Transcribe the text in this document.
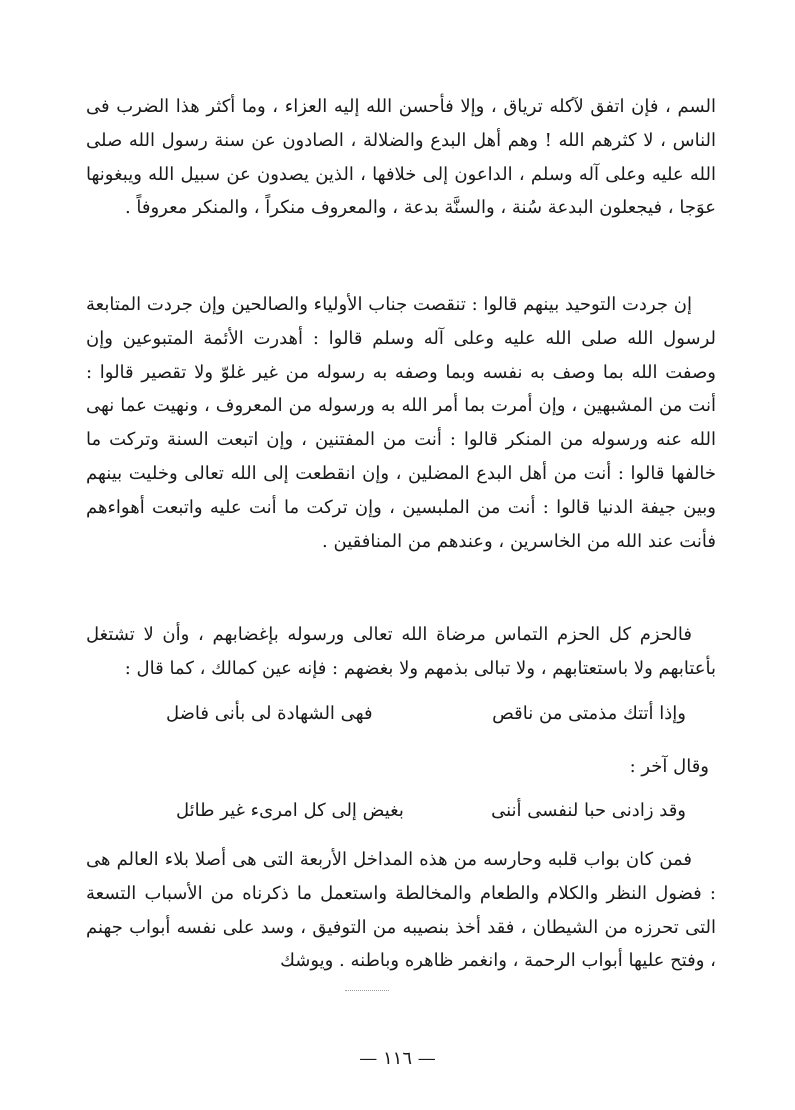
السم ، فإن اتفق لآكله ترياق ، وإلا فأحسن الله إليه العزاء ، وما أكثر هذا الضرب فى الناس ، لا كثرهم الله ! وهم أهل البدع والضلالة ، الصادون عن سنة رسول الله صلى الله عليه وعلى آله وسلم ، الداعون إلى خلافها ، الذين يصدون عن سبيل الله ويبغونها عوَجا ، فيجعلون البدعة سُنة ، والسنَّة بدعة ، والمعروف منكراً ، والمنكر معروفاً .

إن جردت التوحيد بينهم قالوا : تنقصت جناب الأولياء والصالحين وإن جردت المتابعة لرسول الله صلى الله عليه وعلى آله وسلم قالوا : أهدرت الأئمة المتبوعين وإن وصفت الله بما وصف به نفسه وبما وصفه به رسوله من غير غلوّ ولا تقصير قالوا : أنت من المشبهين ، وإن أمرت بما أمر الله به ورسوله من المعروف ، ونهيت عما نهى الله عنه ورسوله من المنكر قالوا : أنت من المفتنين ، وإن اتبعت السنة وتركت ما خالفها قالوا : أنت من أهل البدع المضلين ، وإن انقطعت إلى الله تعالى وخليت بينهم وبين جيفة الدنيا قالوا : أنت من الملبسين ، وإن تركت ما أنت عليه واتبعت أهواءهم فأنت عند الله من الخاسرين ، وعندهم من المنافقين .

فالحزم كل الحزم التماس مرضاة الله تعالى ورسوله بإغضابهم ، وأن لا تشتغل بأعتابهم ولا باستعتابهم ، ولا تبالى بذمهم ولا بغضهم : فإنه عين كمالك ، كما قال :

وإذا أتتك مذمتى من ناقص
فهى الشهادة لى بأنى فاضل
وقال آخر :
وقد زادنى حبا لنفسى أننى
بغيض إلى كل امرىء غير طائل

فمن كان بواب قلبه وحارسه من هذه المداخل الأربعة التى هى أصلا بلاء العالم هى : فضول النظر والكلام والطعام والمخالطة واستعمل ما ذكرناه من الأسباب التسعة التى تحرزه من الشيطان ، فقد أخذ بنصيبه من التوفيق ، وسد على نفسه أبواب جهنم ، وفتح عليها أبواب الرحمة ، وانغمر ظاهره وباطنه . ويوشك

— ١١٦ —
